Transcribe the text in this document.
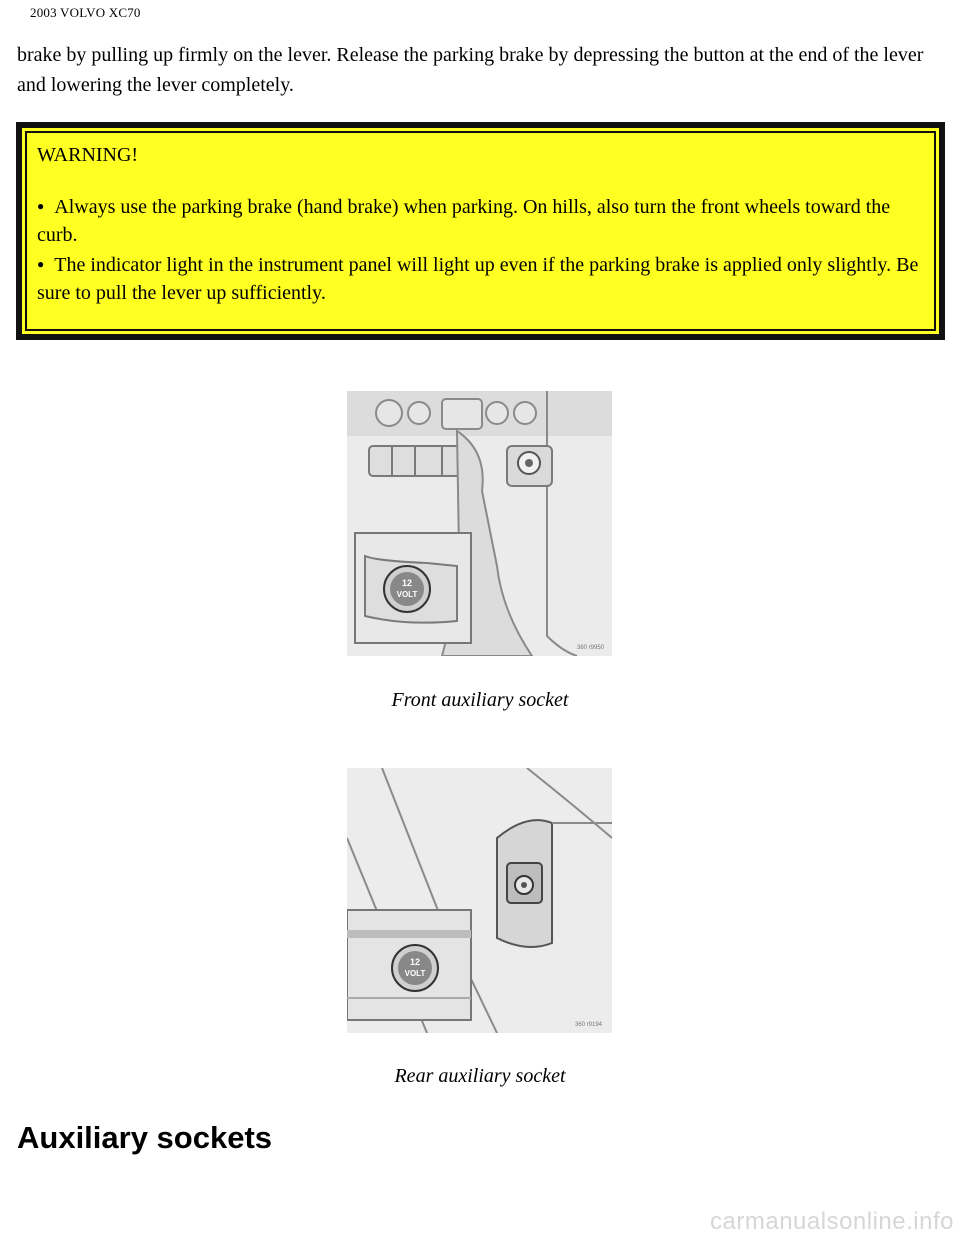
2003 VOLVO XC70

brake by pulling up firmly on the lever. Release the parking brake by depressing the button at the end of the lever and lowering the lever completely.

WARNING!

● Always use the parking brake (hand brake) when parking. On hills, also turn the front wheels toward the curb.

● The indicator light in the instrument panel will light up even if the parking brake is applied only slightly. Be sure to pull the lever up sufficiently.

12
VOLT
360 r9950
Front auxiliary socket
12
VOLT
360 r9194
Rear auxiliary socket
Auxiliary sockets
carmanualsonline.info
